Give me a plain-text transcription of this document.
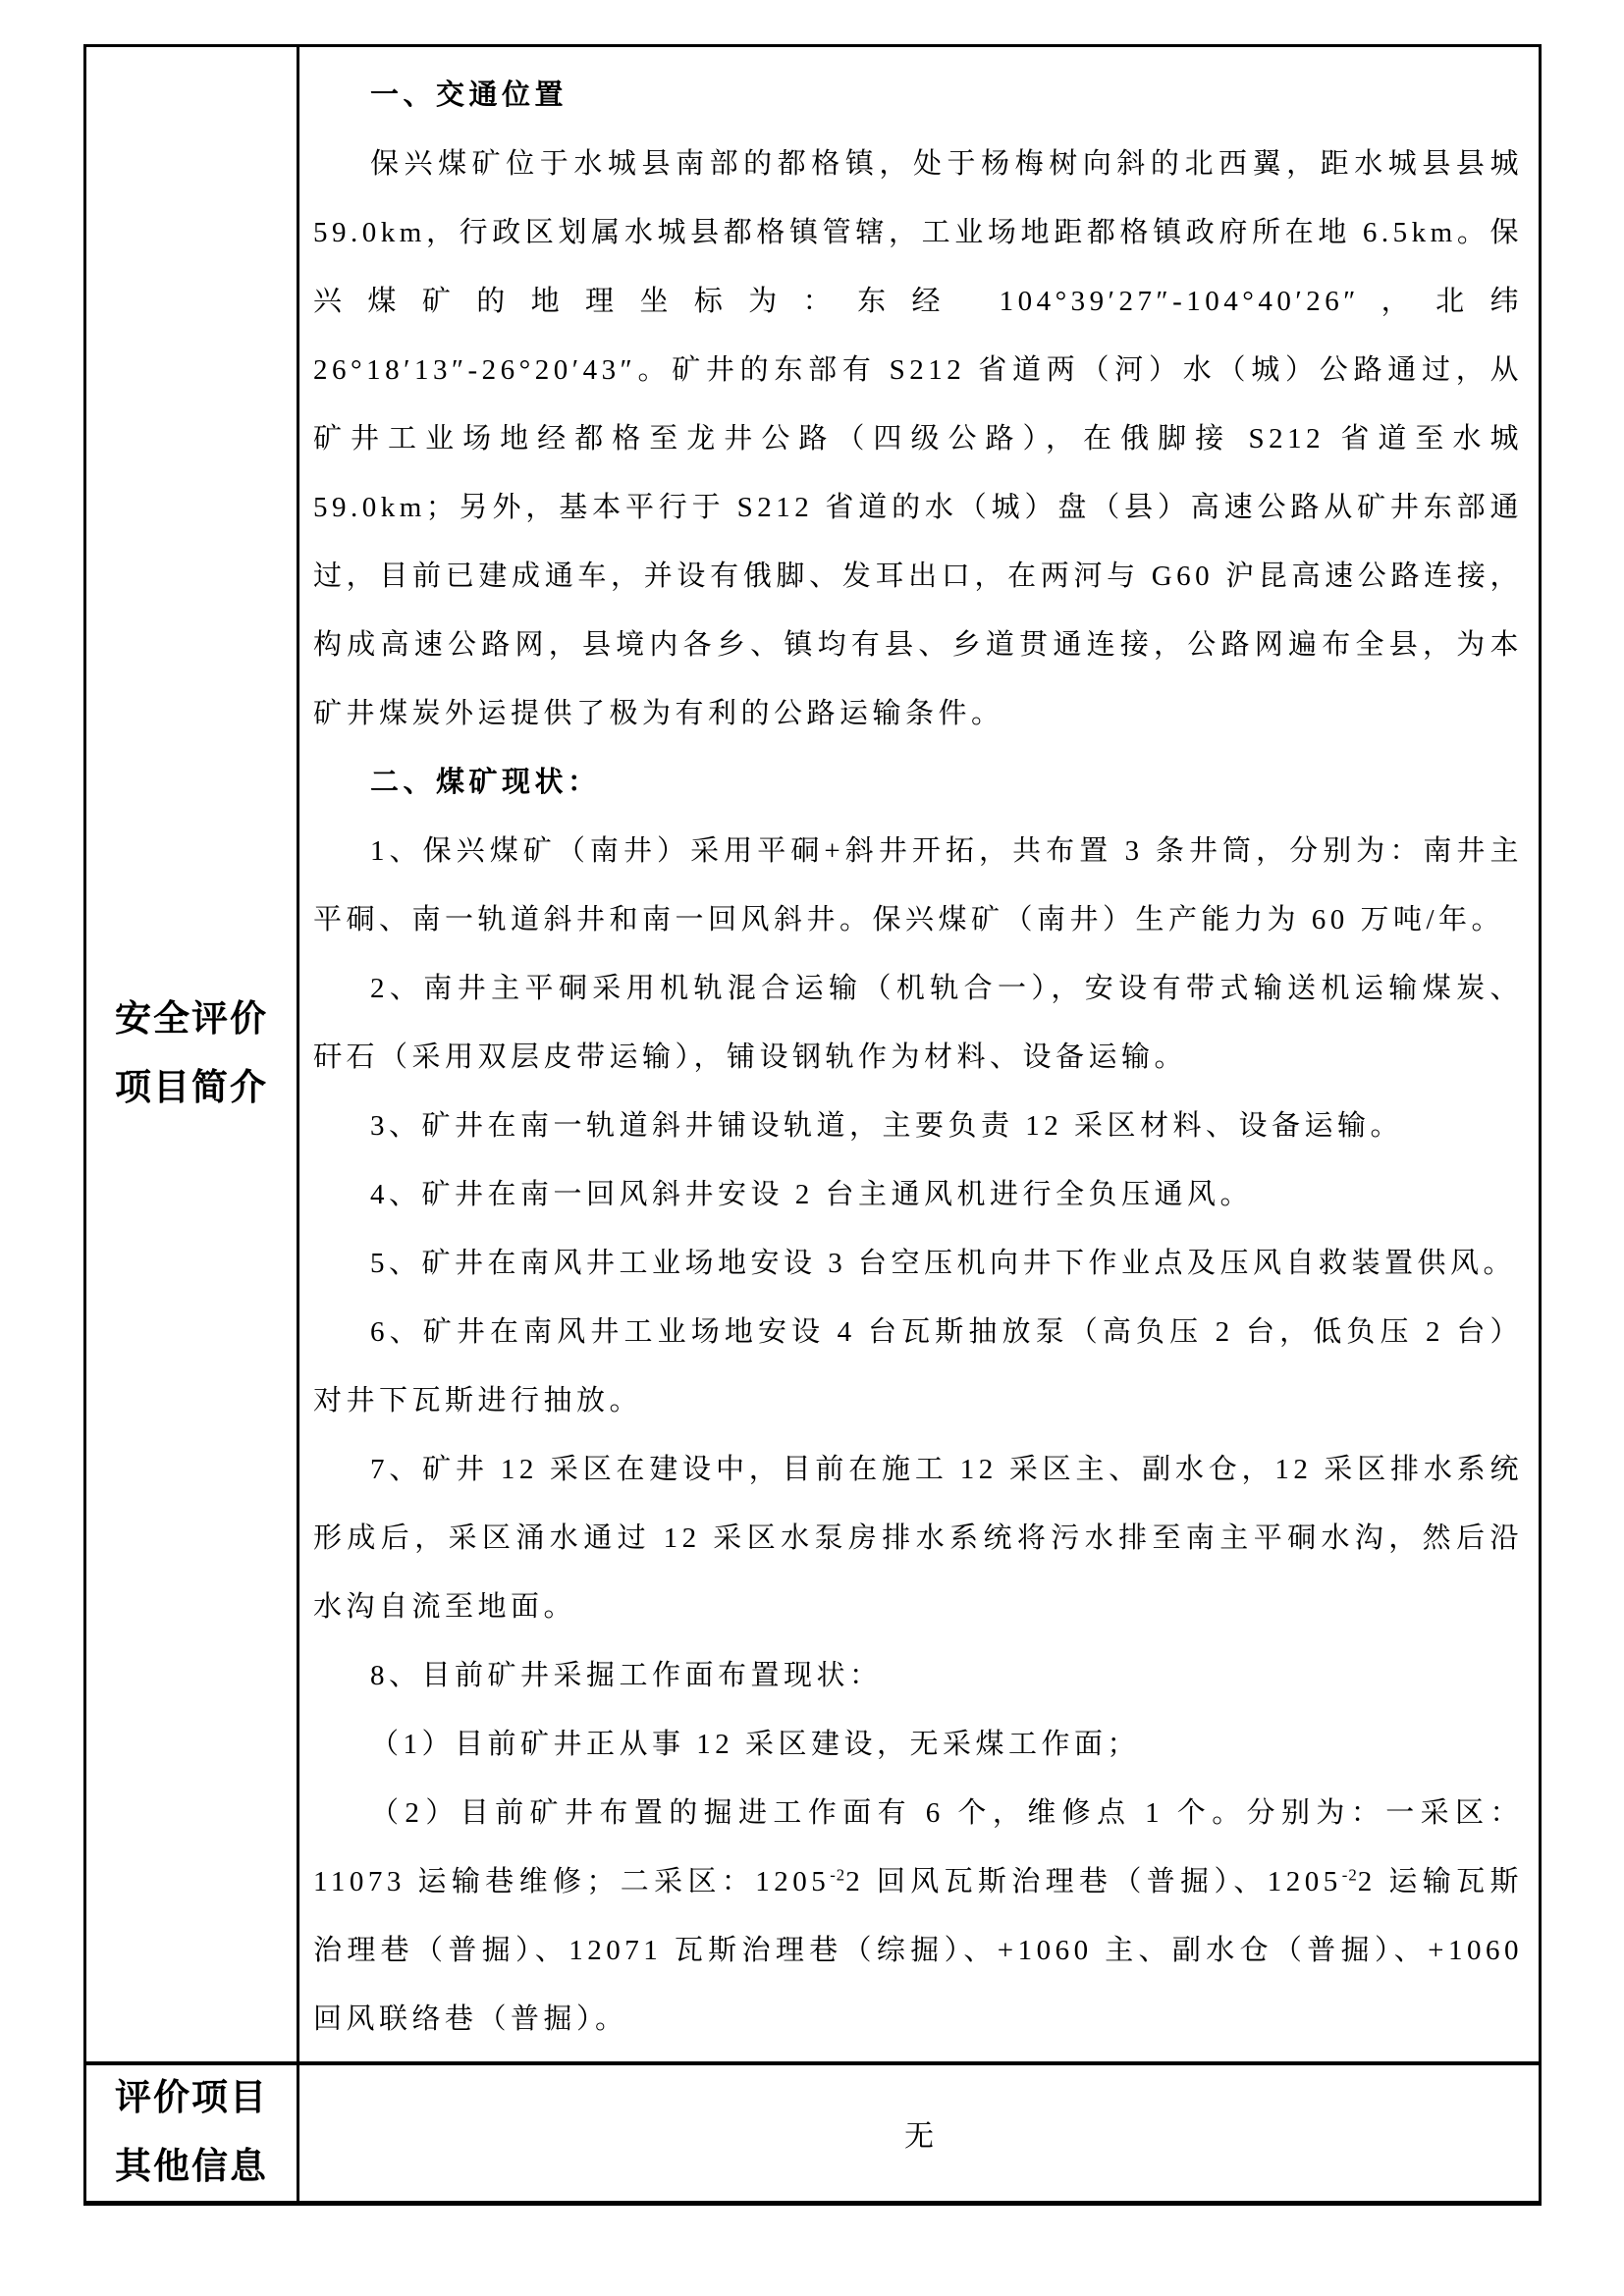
安全评价
项目简介
一、交通位置
保兴煤矿位于水城县南部的都格镇，处于杨梅树向斜的北西翼，距水城县县城 59.0km，行政区划属水城县都格镇管辖，工业场地距都格镇政府所在地 6.5km。保兴煤矿的地理坐标为：东经 104°39′27″-104°40′26″，北纬 26°18′13″-26°20′43″。矿井的东部有 S212 省道两（河）水（城）公路通过，从矿井工业场地经都格至龙井公路（四级公路），在俄脚接 S212 省道至水城 59.0km；另外，基本平行于 S212 省道的水（城）盘（县）高速公路从矿井东部通过，目前已建成通车，并设有俄脚、发耳出口，在两河与 G60 沪昆高速公路连接，构成高速公路网，县境内各乡、镇均有县、乡道贯通连接，公路网遍布全县，为本矿井煤炭外运提供了极为有利的公路运输条件。
二、煤矿现状：
1、保兴煤矿（南井）采用平硐+斜井开拓，共布置 3 条井筒，分别为：南井主平硐、南一轨道斜井和南一回风斜井。保兴煤矿（南井）生产能力为 60 万吨/年。
2、南井主平硐采用机轨混合运输（机轨合一），安设有带式输送机运输煤炭、矸石（采用双层皮带运输），铺设钢轨作为材料、设备运输。
3、矿井在南一轨道斜井铺设轨道，主要负责 12 采区材料、设备运输。
4、矿井在南一回风斜井安设 2 台主通风机进行全负压通风。
5、矿井在南风井工业场地安设 3 台空压机向井下作业点及压风自救装置供风。
6、矿井在南风井工业场地安设 4 台瓦斯抽放泵（高负压 2 台，低负压 2 台）对井下瓦斯进行抽放。
7、矿井 12 采区在建设中，目前在施工 12 采区主、副水仓，12 采区排水系统形成后，采区涌水通过 12 采区水泵房排水系统将污水排至南主平硐水沟，然后沿水沟自流至地面。
8、目前矿井采掘工作面布置现状：
（1）目前矿井正从事 12 采区建设，无采煤工作面；
（2）目前矿井布置的掘进工作面有 6 个，维修点 1 个。分别为：一采区：11073 运输巷维修；二采区：$1205^{-2}2$ 回风瓦斯治理巷（普掘）、$1205^{-2}2$ 运输瓦斯治理巷（普掘）、12071 瓦斯治理巷（综掘）、+1060 主、副水仓（普掘）、+1060 回风联络巷（普掘）。
评价项目
其他信息
无
